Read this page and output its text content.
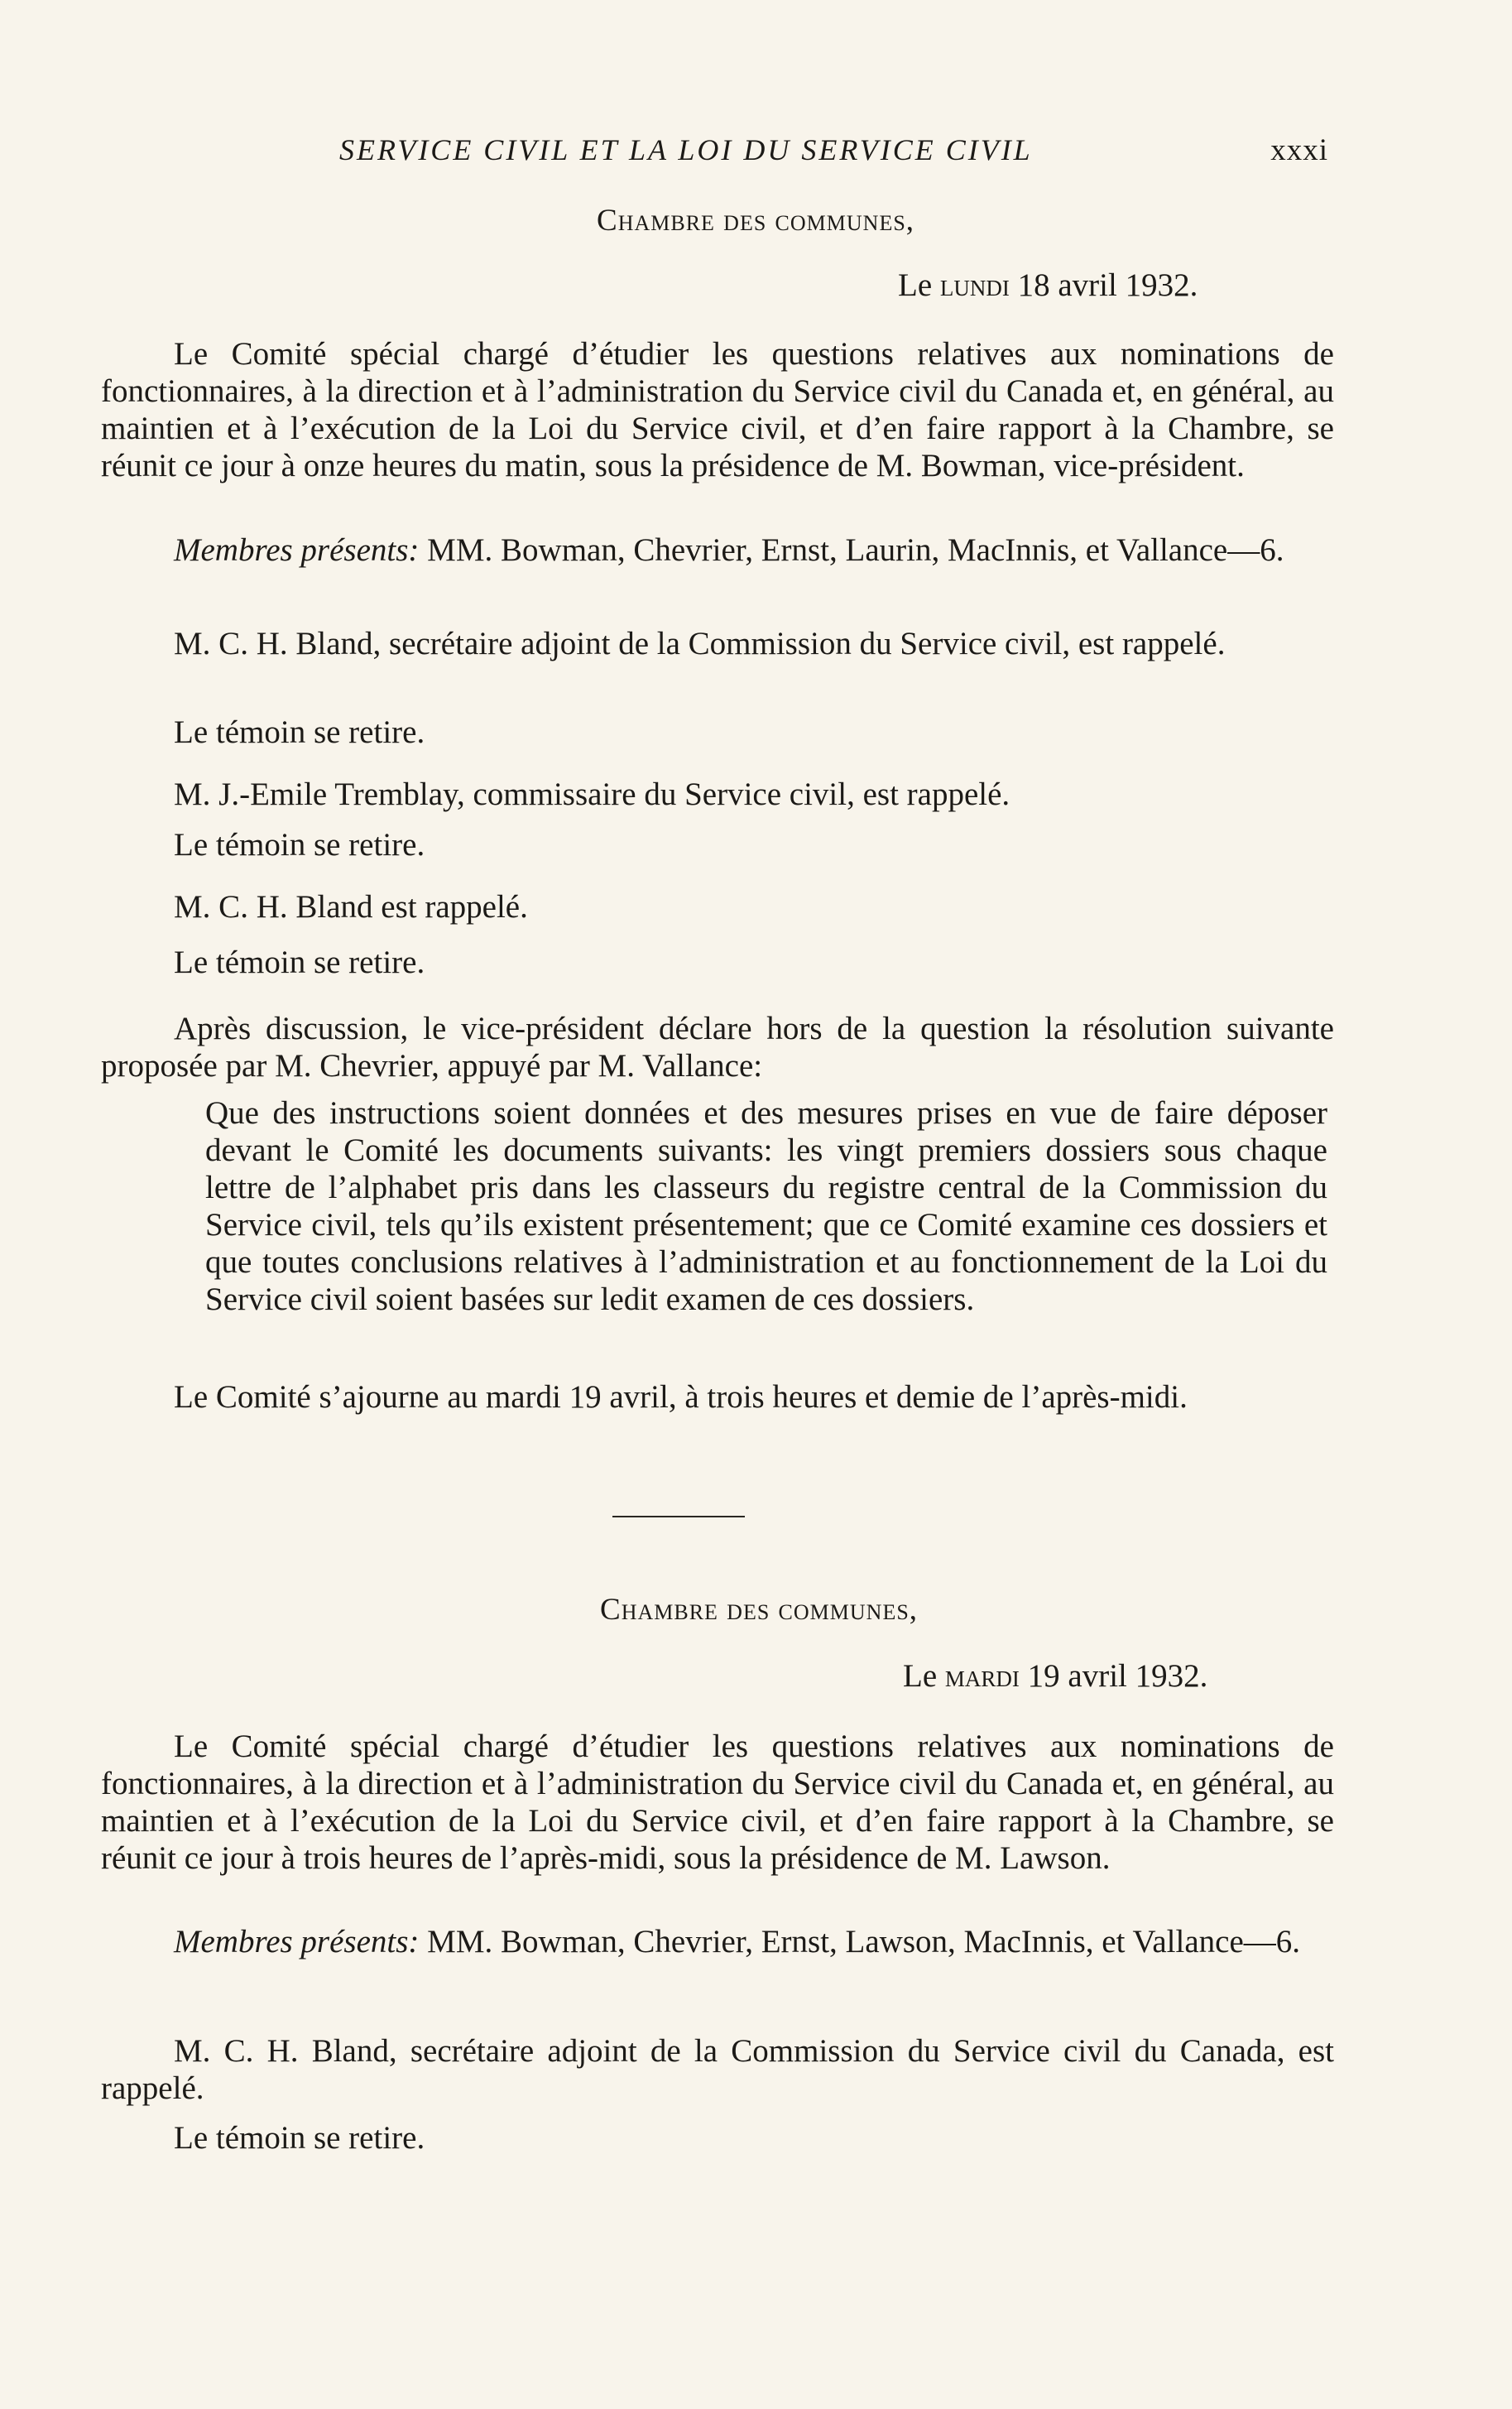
SERVICE CIVIL ET LA LOI DU SERVICE CIVIL	xxxi
Chambre des communes,
Le lundi 18 avril 1932.

Le Comité spécial chargé d’étudier les questions relatives aux nominations de fonctionnaires, à la direction et à l’administration du Service civil du Canada et, en général, au maintien et à l’exécution de la Loi du Service civil, et d’en faire rapport à la Chambre, se réunit ce jour à onze heures du matin, sous la présidence de M. Bowman, vice-président.

Membres présents: MM. Bowman, Chevrier, Ernst, Laurin, MacInnis, et Vallance—6.

M. C. H. Bland, secrétaire adjoint de la Commission du Service civil, est rappelé.

Le témoin se retire.

M. J.-Emile Tremblay, commissaire du Service civil, est rappelé.

Le témoin se retire.

M. C. H. Bland est rappelé.

Le témoin se retire.

Après discussion, le vice-président déclare hors de la question la résolution suivante proposée par M. Chevrier, appuyé par M. Vallance:

Que des instructions soient données et des mesures prises en vue de faire déposer devant le Comité les documents suivants: les vingt premiers dossiers sous chaque lettre de l’alphabet pris dans les classeurs du registre central de la Commission du Service civil, tels qu’ils existent présentement; que ce Comité examine ces dossiers et que toutes conclusions relatives à l’administration et au fonctionnement de la Loi du Service civil soient basées sur ledit examen de ces dossiers.

Le Comité s’ajourne au mardi 19 avril, à trois heures et demie de l’après-midi.

Chambre des communes,
Le mardi 19 avril 1932.

Le Comité spécial chargé d’étudier les questions relatives aux nominations de fonctionnaires, à la direction et à l’administration du Service civil du Canada et, en général, au maintien et à l’exécution de la Loi du Service civil, et d’en faire rapport à la Chambre, se réunit ce jour à trois heures de l’après-midi, sous la présidence de M. Lawson.

Membres présents: MM. Bowman, Chevrier, Ernst, Lawson, MacInnis, et Vallance—6.

M. C. H. Bland, secrétaire adjoint de la Commission du Service civil du Canada, est rappelé.

Le témoin se retire.
